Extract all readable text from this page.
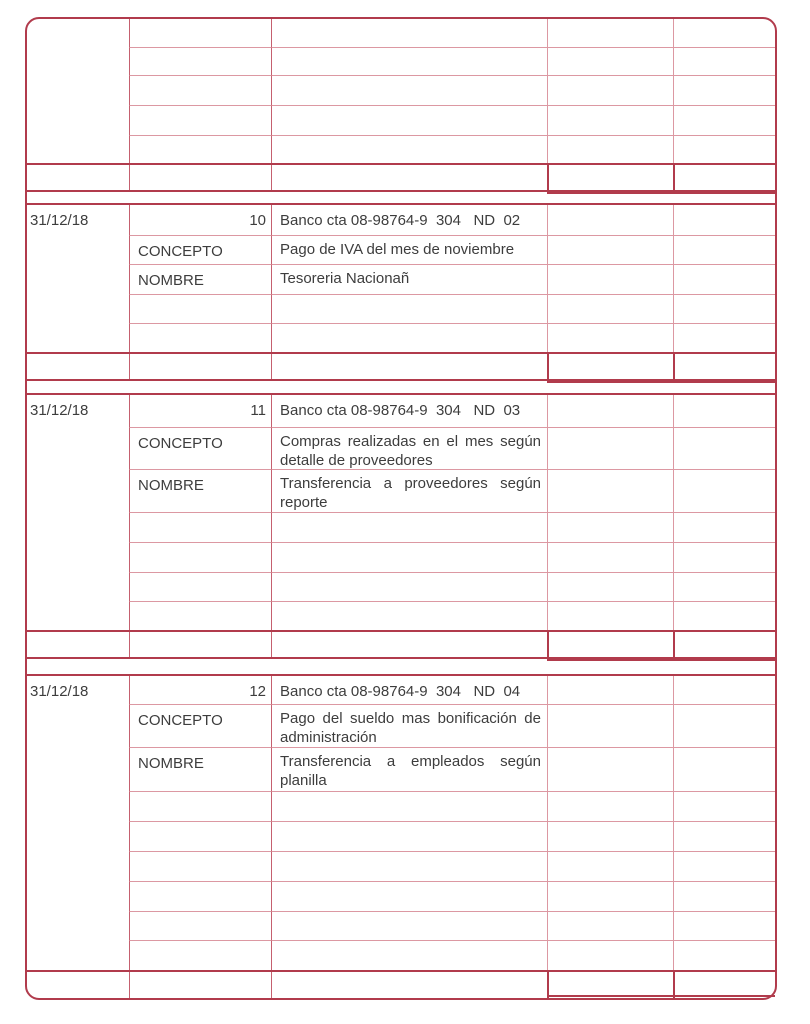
31/12/18	10 Banco cta 08-98764-9  304   ND  02
CONCEPTO	Pago de IVA del mes de noviembre
NOMBRE	Tesoreria Nacionañ
31/12/18	11 Banco cta 08-98764-9  304   ND  03
CONCEPTO	Compras realizadas en el mes según detalle de proveedores
NOMBRE	Transferencia a proveedores según reporte
31/12/18	12 Banco cta 08-98764-9  304   ND  04
CONCEPTO	Pago del sueldo mas bonificación de administración
NOMBRE	Transferencia a empleados según planilla
